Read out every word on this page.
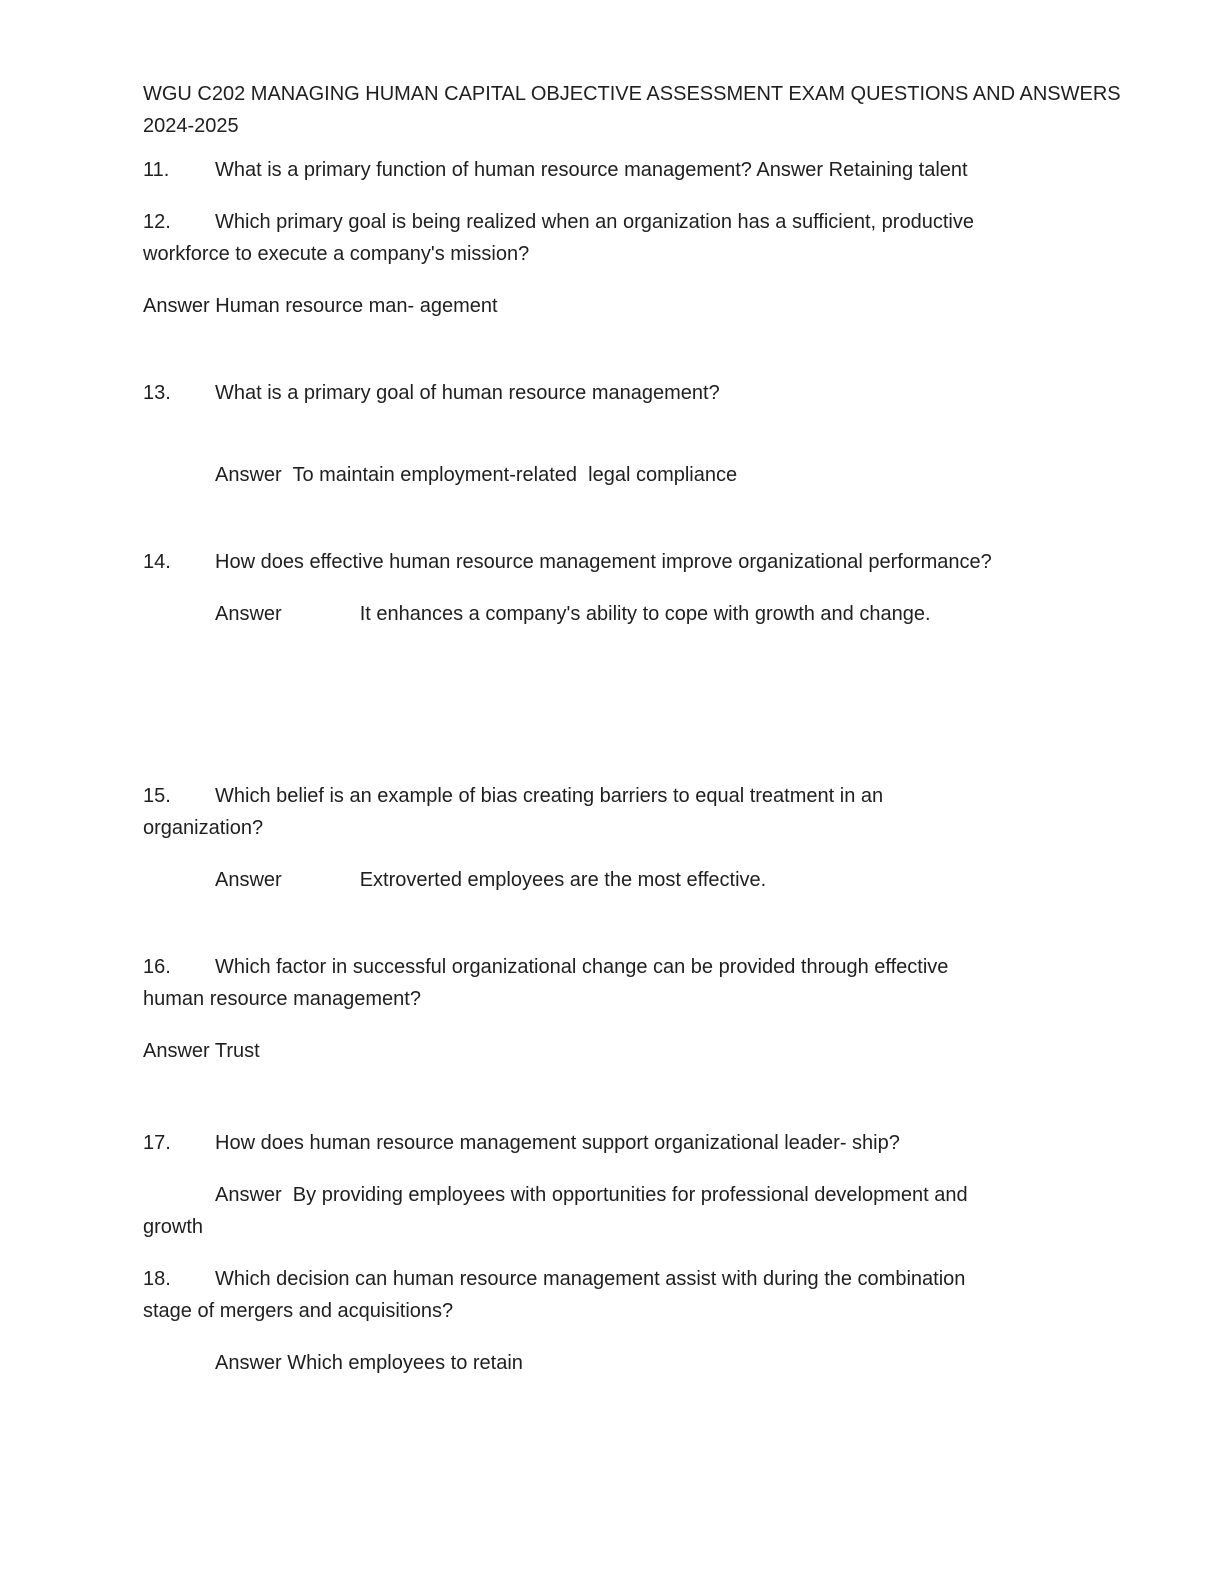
WGU C202 MANAGING HUMAN CAPITAL OBJECTIVE ASSESSMENT EXAM QUESTIONS AND ANSWERS
2024-2025
11. What is a primary function of human resource management? Answer Retaining talent
12. Which primary goal is being realized when an organization has a sufficient, productive
workforce to execute a company's mission?
Answer Human resource man- agement
13. What is a primary goal of human resource management?
Answer  To maintain employment-related  legal compliance
14. How does effective human resource management improve organizational performance?
Answer	It enhances a company's ability to cope with growth and change.
15. Which belief is an example of bias creating barriers to equal treatment in an
organization?
Answer	Extroverted employees are the most effective.
16. Which factor in successful organizational change can be provided through effective
human resource management?
Answer Trust
17. How does human resource management support organizational leader- ship?
Answer  By providing employees with opportunities for professional development and
growth
18. Which decision can human resource management assist with during the combination
stage of mergers and acquisitions?
Answer Which employees to retain
